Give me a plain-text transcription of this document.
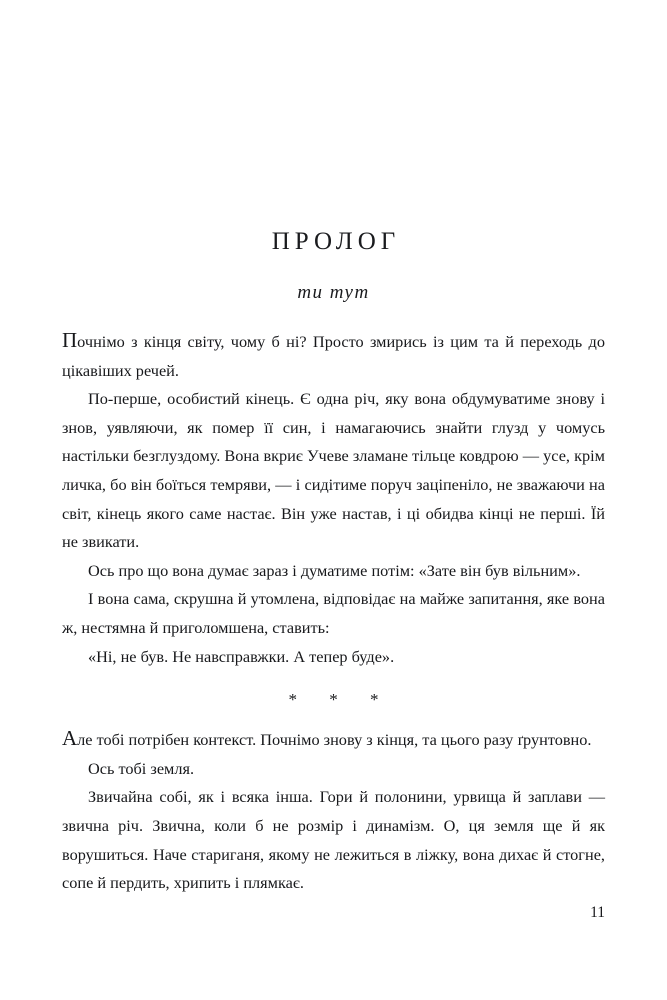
ПРОЛОГ
ти тут

Почнімо з кінця світу, чому б ні? Просто змирись із цим та й переходь до цікавіших речей.

По-перше, особистий кінець. Є одна річ, яку вона обдумуватиме знову і знов, уявляючи, як помер її син, і намагаючись знайти глузд у чомусь настільки безглуздому. Вона вкриє Учеве зламане тільце ковдрою — усе, крім личка, бо він боїться темряви, — і сидітиме поруч заціпеніло, не зважаючи на світ, кінець якого саме настає. Він уже настав, і ці обидва кінці не перші. Їй не звикати.

Ось про що вона думає зараз і думатиме потім: «Зате він був вільним».

І вона сама, скрушна й утомлена, відповідає на майже запитання, яке вона ж, нестямна й приголомшена, ставить:

«Ні, не був. Не навсправжки. А тепер буде».

* * *

Але тобі потрібен контекст. Почнімо знову з кінця, та цього разу ґрунтовно.

Ось тобі земля.

Звичайна собі, як і всяка інша. Гори й полонини, урвища й заплави — звична річ. Звична, коли б не розмір і динамізм. О, ця земля ще й як ворушиться. Наче стариганя, якому не лежиться в ліжку, вона дихає й стогне, сопе й пердить, хрипить і плямкає.

11
